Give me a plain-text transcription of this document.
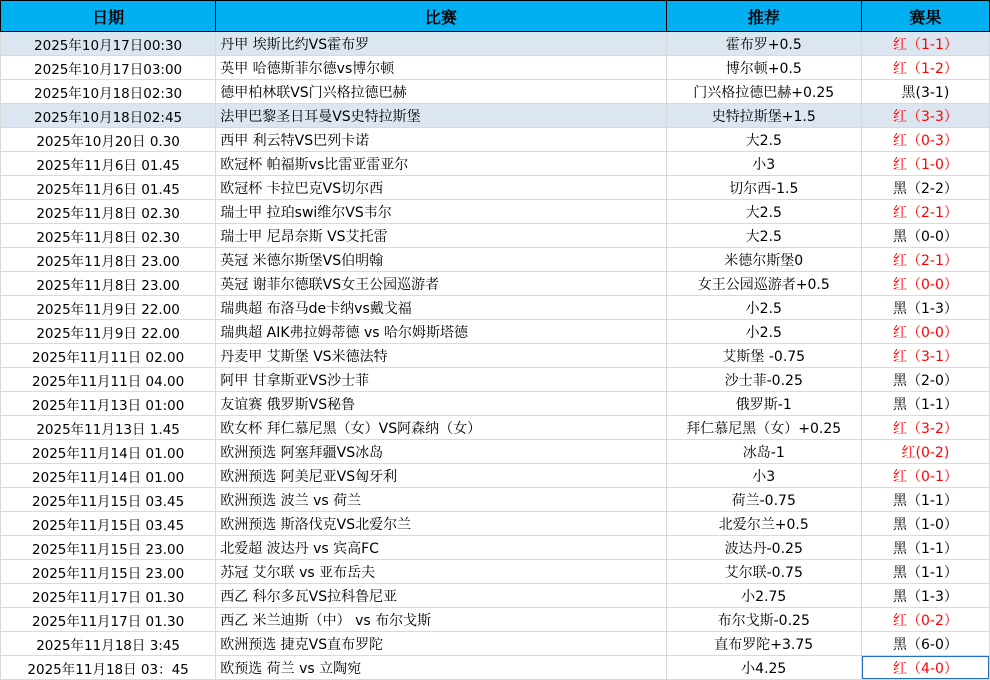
日期	比赛	推荐	赛果

2025年10月17日00:30	丹甲 埃斯比约VS霍布罗	霍布罗+0.5	红（1-1）

2025年10月17日03:00	英甲 哈德斯菲尔德vs博尔顿	博尔顿+0.5	红（1-2）

2025年10月18日02:30	德甲柏林联VS门兴格拉德巴赫	门兴格拉德巴赫+0.25	黑(3-1)

2025年10月18日02:45	法甲巴黎圣日耳曼VS史特拉斯堡	史特拉斯堡+1.5	红（3-3）

2025年10月20日 0.30	西甲 利云特VS巴列卡诺	大2.5	红（0-3）

2025年11月6日 01.45	欧冠杯 帕福斯vs比雷亚雷亚尔	小3	红（1-0）

2025年11月6日 01.45	欧冠杯 卡拉巴克VS切尔西	切尔西-1.5	黑（2-2）

2025年11月8日 02.30	瑞士甲 拉珀swi维尔VS韦尔	大2.5	红（2-1）

2025年11月8日 02.30	瑞士甲 尼昂奈斯 VS艾托雷	大2.5	黑（0-0）

2025年11月8日 23.00	英冠 米德尔斯堡VS伯明翰	米德尔斯堡0	红（2-1）

2025年11月8日 23.00	英冠 谢菲尔德联VS女王公园巡游者	女王公园巡游者+0.5	红（0-0）

2025年11月9日 22.00	瑞典超 布洛马de卡纳vs戴戈福	小2.5	黑（1-3）

2025年11月9日 22.00	瑞典超 AIK弗拉姆蒂德 vs 哈尔姆斯塔德	小2.5	红（0-0）

2025年11月11日 02.00	丹麦甲 艾斯堡 VS米德法特	艾斯堡 -0.75	红（3-1）

2025年11月11日 04.00	阿甲 甘拿斯亚VS沙士菲	沙士菲-0.25	黑（2-0）

2025年11月13日 01:00	友谊赛 俄罗斯VS秘鲁	俄罗斯-1	黑（1-1）

2025年11月13日 1.45	欧女杯 拜仁慕尼黑（女）VS阿森纳（女）	拜仁慕尼黑（女）+0.25	红（3-2）

2025年11月14日 01.00	欧洲预选 阿塞拜疆VS冰岛	冰岛-1	红(0-2)

2025年11月14日 01.00	欧洲预选 阿美尼亚VS匈牙利	小3	红（0-1）

2025年11月15日 03.45	欧洲预选 波兰 vs 荷兰	荷兰-0.75	黑（1-1）

2025年11月15日 03.45	欧洲预选 斯洛伐克VS北爱尔兰	北爱尔兰+0.5	黑（1-0）

2025年11月15日 23.00	北爱超 波达丹 vs 宾高FC	波达丹-0.25	黑（1-1）

2025年11月15日 23.00	苏冠 艾尔联 vs 亚布岳夫	艾尔联-0.75	黑（1-1）

2025年11月17日 01.30	西乙 科尔多瓦VS拉科鲁尼亚	小2.75	黑（1-3）

2025年11月17日 01.30	西乙 米兰迪斯（中） vs 布尔戈斯	布尔戈斯-0.25	红（0-2）

2025年11月18日 3:45	欧洲预选 捷克VS直布罗陀	直布罗陀+3.75	黑（6-0）

2025年11月18日 03：45	欧预选 荷兰 vs 立陶宛	小4.25	红（4-0）
